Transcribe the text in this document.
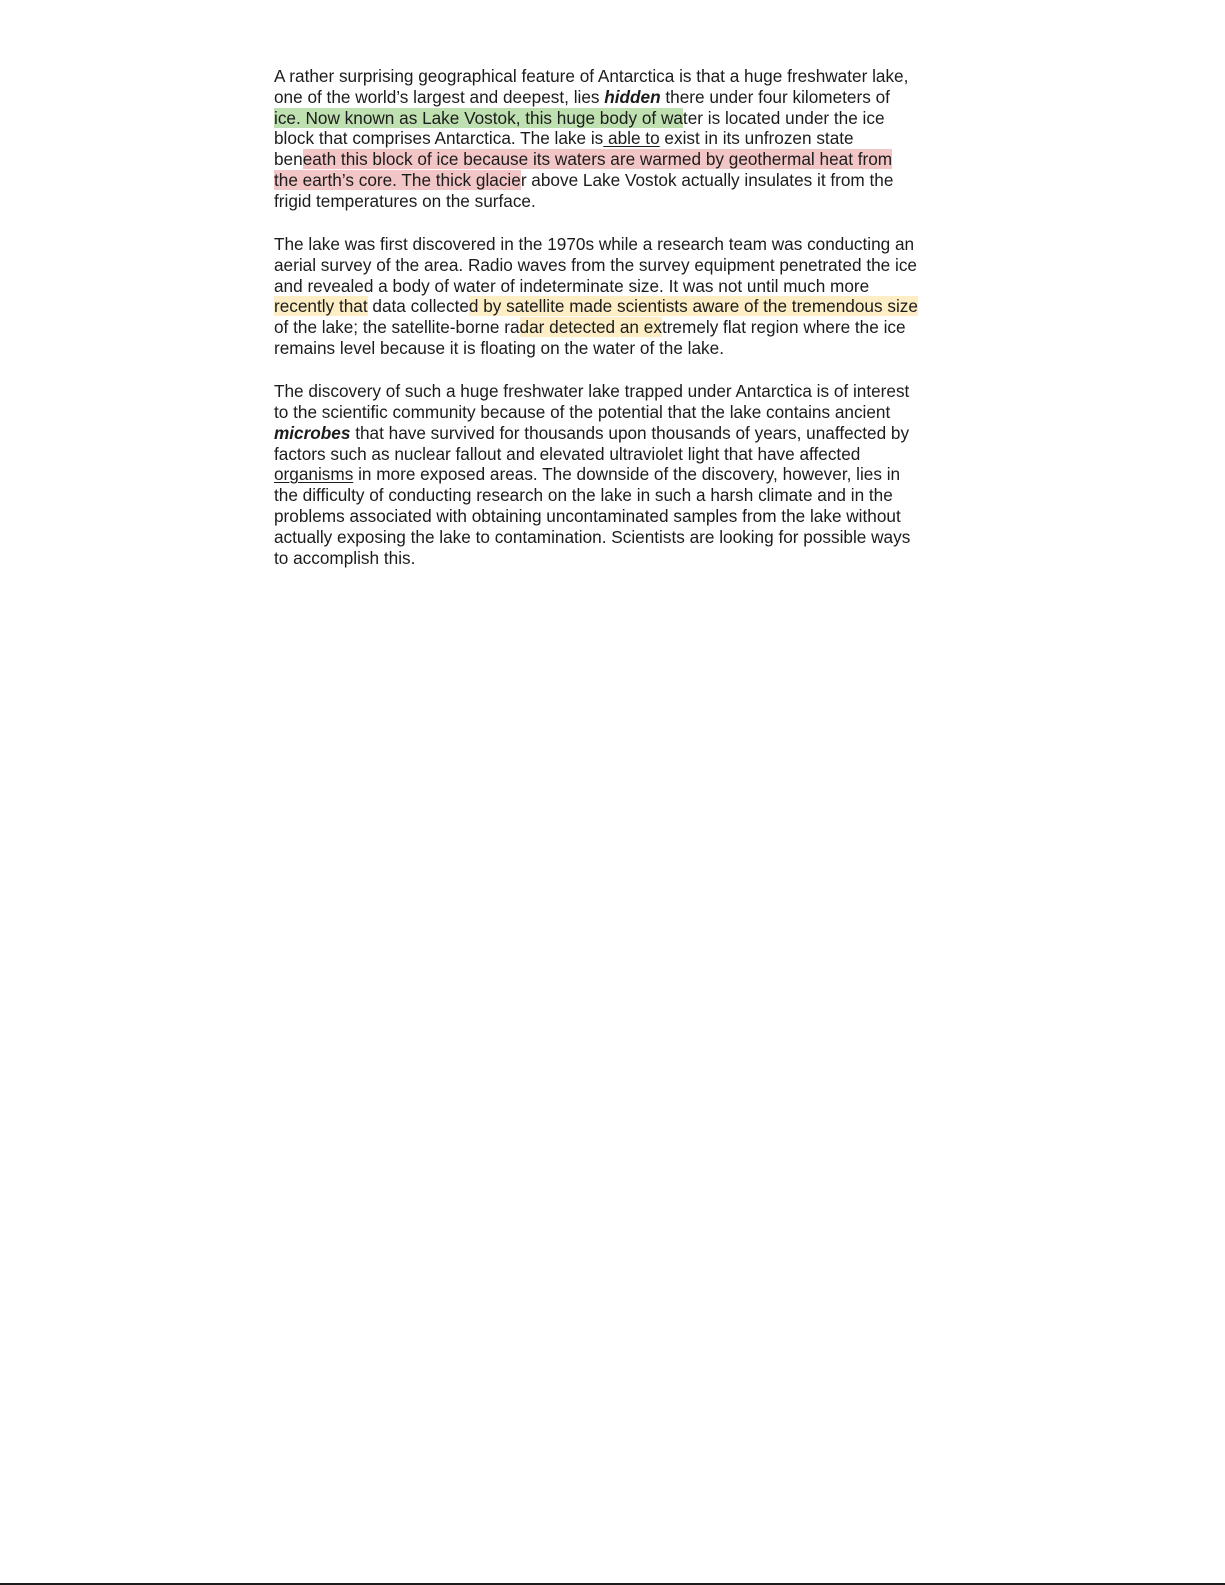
A rather surprising geographical feature of Antarctica is that a huge freshwater lake,
one of the world’s largest and deepest, lies hidden there under four kilometers of
ice. Now known as Lake Vostok, this huge body of water is located under the ice
block that comprises Antarctica. The lake is able to exist in its unfrozen state
beneath this block of ice because its waters are warmed by geothermal heat from
the earth’s core. The thick glacier above Lake Vostok actually insulates it from the
frigid temperatures on the surface.
The lake was first discovered in the 1970s while a research team was conducting an
aerial survey of the area. Radio waves from the survey equipment penetrated the ice
and revealed a body of water of indeterminate size. It was not until much more
recently that data collected by satellite made scientists aware of the tremendous size
of the lake; the satellite-borne radar detected an extremely flat region where the ice
remains level because it is floating on the water of the lake.
The discovery of such a huge freshwater lake trapped under Antarctica is of interest
to the scientific community because of the potential that the lake contains ancient
microbes that have survived for thousands upon thousands of years, unaffected by
factors such as nuclear fallout and elevated ultraviolet light that have affected
organisms in more exposed areas. The downside of the discovery, however, lies in
the difficulty of conducting research on the lake in such a harsh climate and in the
problems associated with obtaining uncontaminated samples from the lake without
actually exposing the lake to contamination. Scientists are looking for possible ways
to accomplish this.
